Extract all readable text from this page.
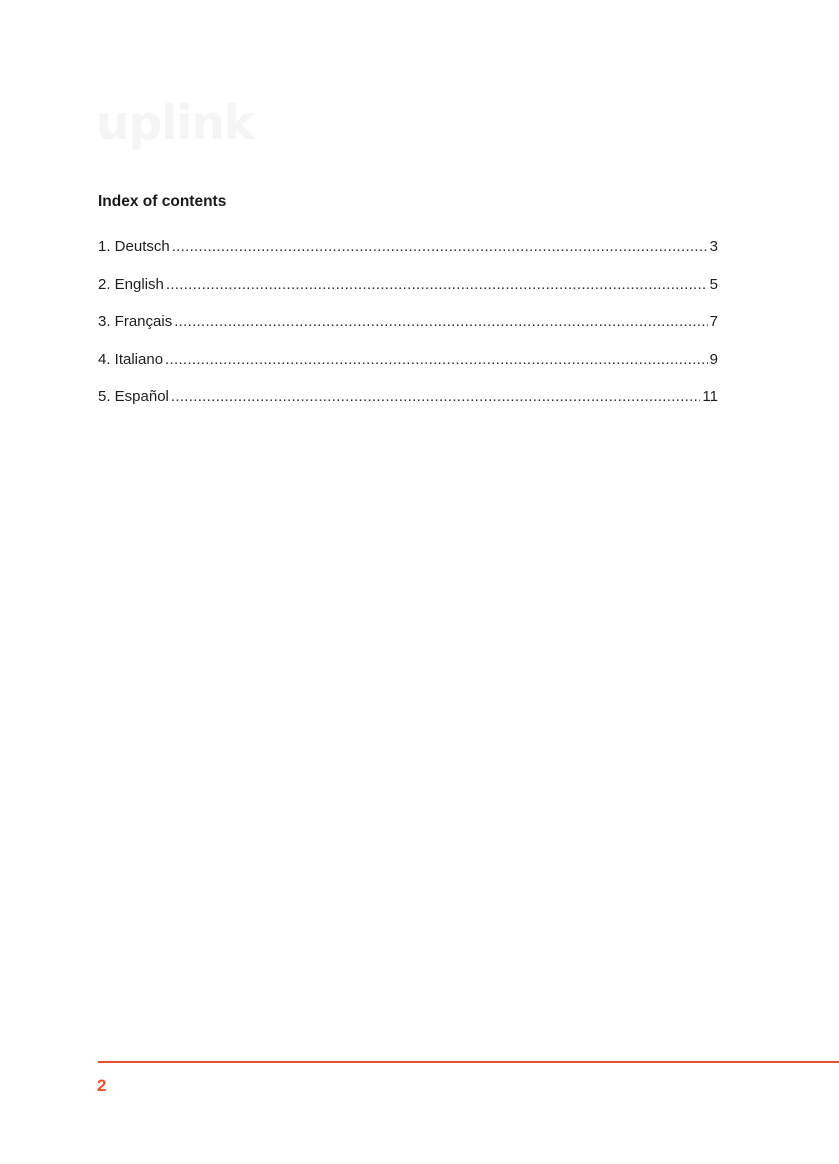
uplink
Index of contents
1. Deutsch .....	3
2. English .....	5
3. Français .....	7
4. Italiano .....	9
5. Español .....	11
2
